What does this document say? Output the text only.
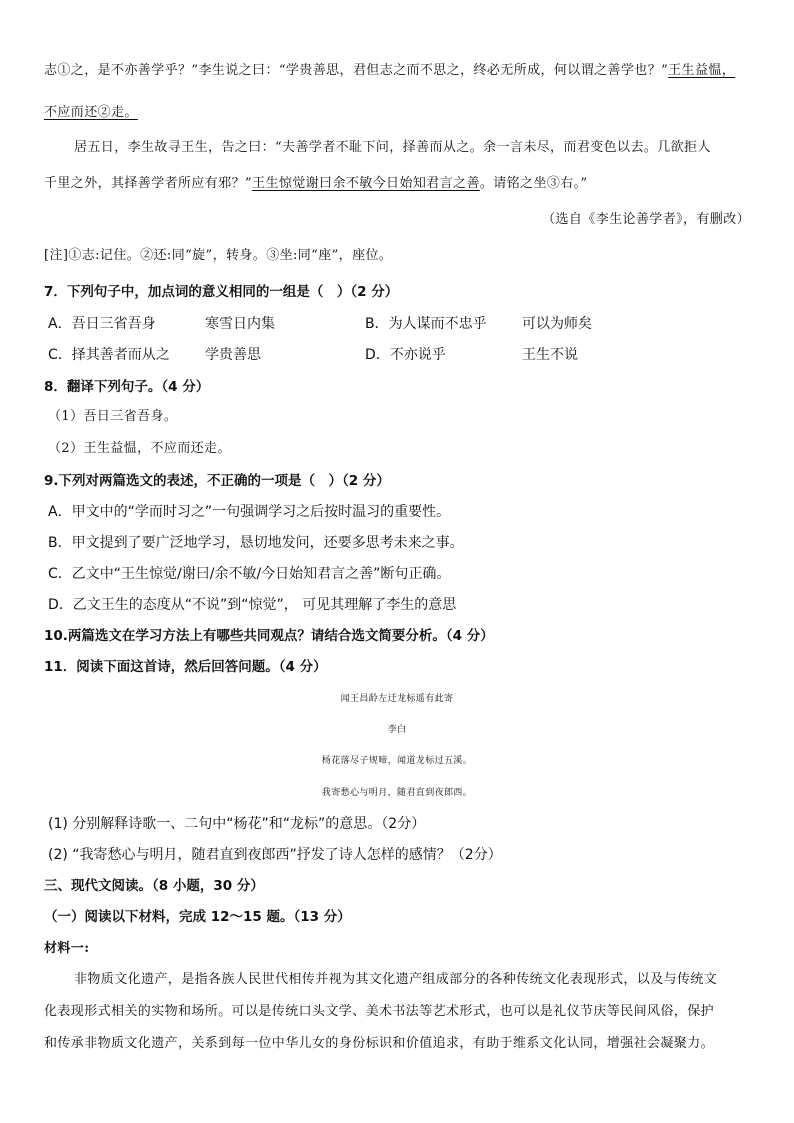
志①之，是不亦善学乎？”李生说之曰：“学贵善思，君但志之而不思之，终必无所成，何以谓之善学也？”王生益愠，
不应而还②走。
居五日，李生故寻王生，告之曰：“夫善学者不耻下问，择善而从之。余一言未尽，而君变色以去。几欲拒人
千里之外，其择善学者所应有邪？”王生惊觉谢曰余不敏今日始知君言之善。请铭之坐③右。”
（选自《李生论善学者》，有删改）
[注]①志:记住。②还:同“旋”，转身。③坐:同“座”，座位。
7．下列句子中，加点词的意义相同的一组是（　）（2 分）
A．吾日三省吾身	寒雪日内集	B．为人谋而不忠乎	可以为师矣
C．择其善者而从之	学贵善思	D．不亦说乎	王生不说
8．翻译下列句子。（4 分）
（1）吾日三省吾身。
（2）王生益愠，不应而还走。
9.下列对两篇选文的表述，不正确的一项是（　）（2 分）
A．甲文中的“学而时习之”一句强调学习之后按时温习的重要性。
B．甲文提到了要广泛地学习，恳切地发问，还要多思考未来之事。
C．乙文中“王生惊觉/谢曰/余不敏/今日始知君言之善”断句正确。
D．乙文王生的态度从“不说”到“惊觉”， 可见其理解了李生的意思
10.两篇选文在学习方法上有哪些共同观点？请结合选文简要分析。（4 分）
11．阅读下面这首诗，然后回答问题。（4 分）
闻王昌龄左迁龙标遥有此寄
李白
杨花落尽子规啼，闻道龙标过五溪。
我寄愁心与明月，随君直到夜郎西。
(1) 分别解释诗歌一、二句中“杨花”和“龙标”的意思。（2分）
(2) “我寄愁心与明月，随君直到夜郎西”抒发了诗人怎样的感情？（2分）
三、现代文阅读。（8 小题，30 分）
（一）阅读以下材料，完成 12～15 题。（13 分）
材料一:
非物质文化遗产，是指各族人民世代相传并视为其文化遗产组成部分的各种传统文化表现形式，以及与传统文
化表现形式相关的实物和场所。可以是传统口头文学、美术书法等艺术形式，也可以是礼仪节庆等民间风俗，保护
和传承非物质文化遗产，关系到每一位中华儿女的身份标识和价值追求，有助于维系文化认同，增强社会凝聚力。
